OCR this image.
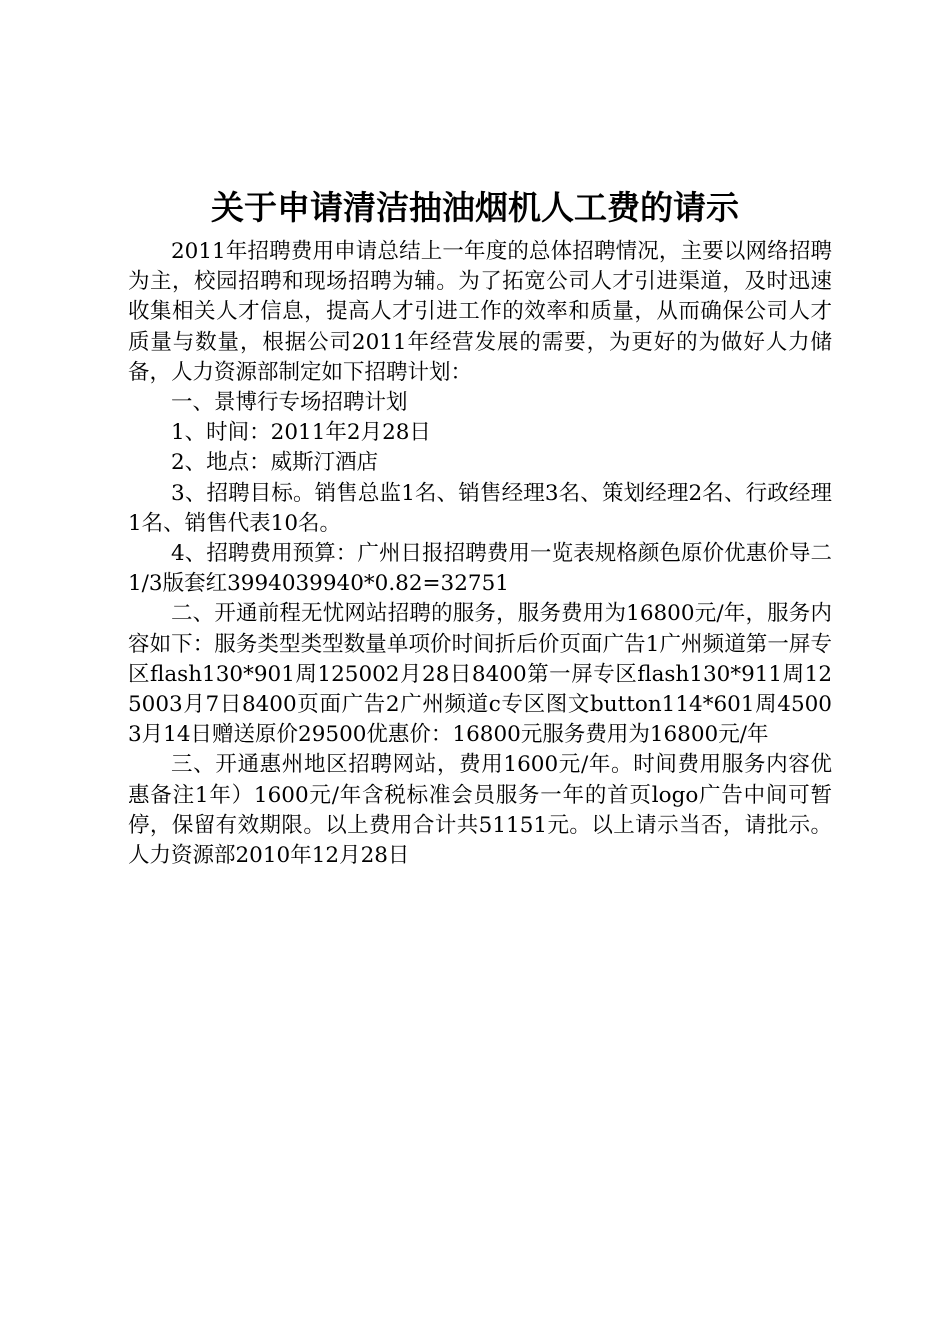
关于申请清洁抽油烟机人工费的请示

2011年招聘费用申请总结上一年度的总体招聘情况，主要以网络招聘为主，校园招聘和现场招聘为辅。为了拓宽公司人才引进渠道，及时迅速收集相关人才信息，提高人才引进工作的效率和质量，从而确保公司人才质量与数量，根据公司2011年经营发展的需要，为更好的为做好人力储备，人力资源部制定如下招聘计划：

一、景博行专场招聘计划

1、时间：2011年2月28日

2、地点：威斯汀酒店

3、招聘目标。销售总监1名、销售经理3名、策划经理2名、行政经理1名、销售代表10名。

4、招聘费用预算：广州日报招聘费用一览表规格颜色原价优惠价导二1/3版套红3994039940*0.82=32751

二、开通前程无忧网站招聘的服务，服务费用为16800元/年，服务内容如下：服务类型类型数量单项价时间折后价页面广告1广州频道第一屏专区flash130*901周125002月28日8400第一屏专区flash130*911周125003月7日8400页面广告2广州频道c专区图文button114*601周45003月14日赠送原价29500优惠价：16800元服务费用为16800元/年

三、开通惠州地区招聘网站，费用1600元/年。时间费用服务内容优惠备注1年）1600元/年含税标准会员服务一年的首页logo广告中间可暂停，保留有效期限。以上费用合计共51151元。以上请示当否，请批示。人力资源部2010年12月28日
